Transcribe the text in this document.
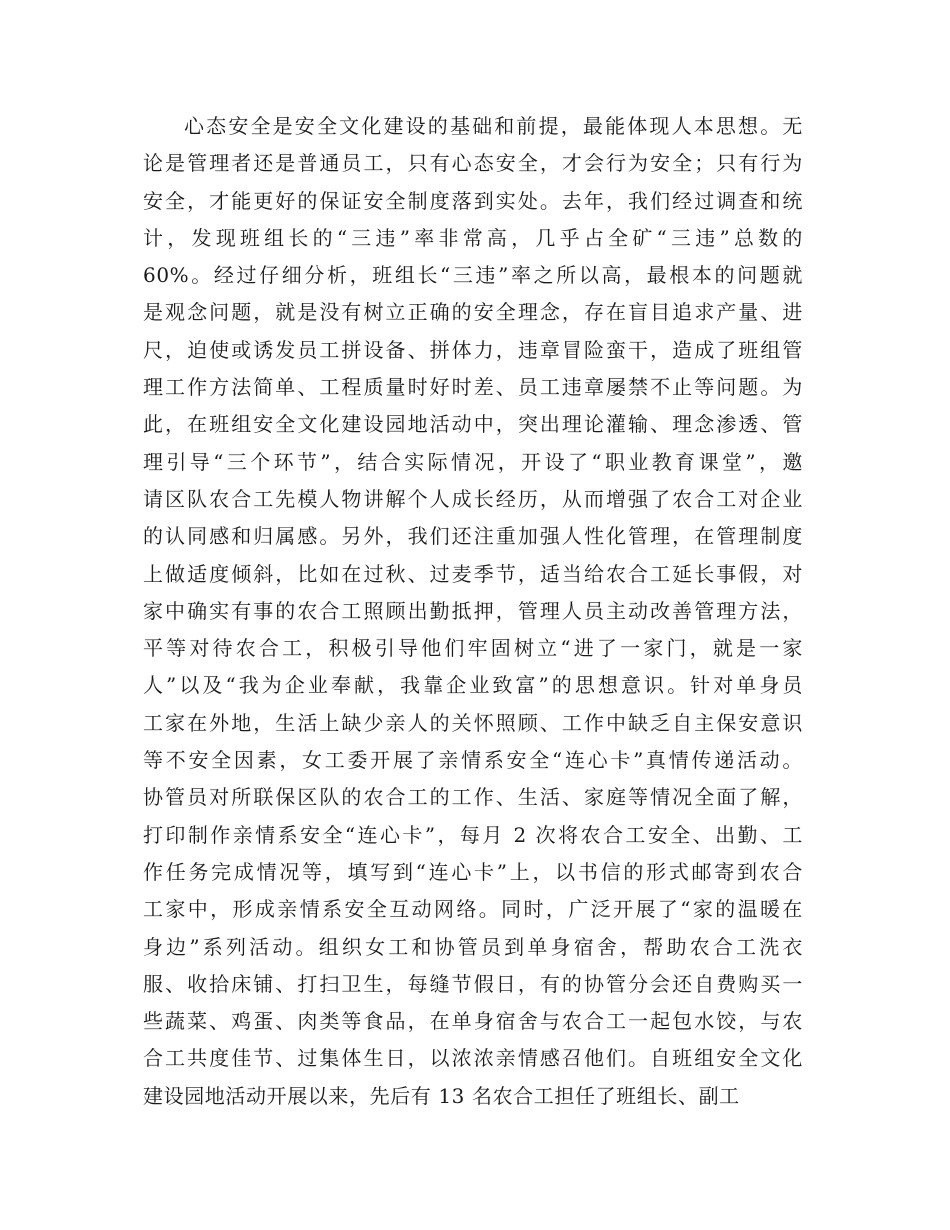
心态安全是安全文化建设的基础和前提，最能体现人本思想。无
论是管理者还是普通员工，只有心态安全，才会行为安全；只有行为
安全，才能更好的保证安全制度落到实处。去年，我们经过调查和统
计，发现班组长的“三违”率非常高，几乎占全矿“三违”总数的
60%。经过仔细分析，班组长“三违”率之所以高，最根本的问题就
是观念问题，就是没有树立正确的安全理念，存在盲目追求产量、进
尺，迫使或诱发员工拼设备、拼体力，违章冒险蛮干，造成了班组管
理工作方法简单、工程质量时好时差、员工违章屡禁不止等问题。为
此，在班组安全文化建设园地活动中，突出理论灌输、理念渗透、管
理引导“三个环节”，结合实际情况，开设了“职业教育课堂”，邀
请区队农合工先模人物讲解个人成长经历，从而增强了农合工对企业
的认同感和归属感。另外，我们还注重加强人性化管理，在管理制度
上做适度倾斜，比如在过秋、过麦季节，适当给农合工延长事假，对
家中确实有事的农合工照顾出勤抵押，管理人员主动改善管理方法，
平等对待农合工，积极引导他们牢固树立“进了一家门，就是一家
人”以及“我为企业奉献，我靠企业致富”的思想意识。针对单身员
工家在外地，生活上缺少亲人的关怀照顾、工作中缺乏自主保安意识
等不安全因素，女工委开展了亲情系安全“连心卡”真情传递活动。
协管员对所联保区队的农合工的工作、生活、家庭等情况全面了解，
打印制作亲情系安全“连心卡”，每月 2 次将农合工安全、出勤、工
作任务完成情况等，填写到“连心卡”上，以书信的形式邮寄到农合
工家中，形成亲情系安全互动网络。同时，广泛开展了“家的温暖在
身边”系列活动。组织女工和协管员到单身宿舍，帮助农合工洗衣
服、收拾床铺、打扫卫生，每缝节假日，有的协管分会还自费购买一
些蔬菜、鸡蛋、肉类等食品，在单身宿舍与农合工一起包水饺，与农
合工共度佳节、过集体生日，以浓浓亲情感召他们。自班组安全文化
建设园地活动开展以来，先后有 13 名农合工担任了班组长、副工
